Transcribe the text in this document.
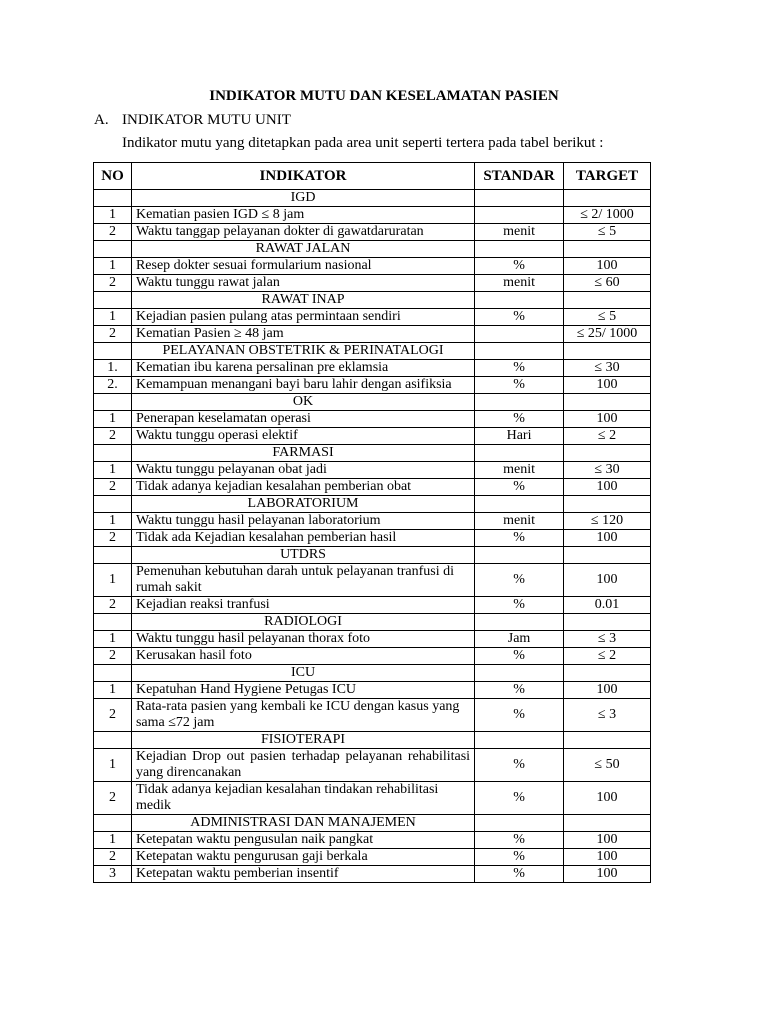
INDIKATOR MUTU DAN KESELAMATAN PASIEN
A. INDIKATOR MUTU UNIT
Indikator mutu yang ditetapkan pada area unit seperti tertera pada tabel berikut :
NO	INDIKATOR	STANDAR	TARGET
	IGD		
1	Kematian pasien IGD ≤ 8 jam		≤ 2/ 1000
2	Waktu tanggap pelayanan dokter di gawatdaruratan	menit	≤ 5
	RAWAT JALAN		
1	Resep dokter sesuai formularium nasional	%	100
2	Waktu tunggu rawat jalan	menit	≤ 60
	RAWAT INAP		
1	Kejadian pasien pulang atas permintaan sendiri	%	≤ 5
2	Kematian Pasien ≥ 48 jam		≤ 25/ 1000
	PELAYANAN OBSTETRIK & PERINATALOGI		
1.	Kematian ibu karena persalinan pre eklamsia	%	≤ 30
2.	Kemampuan menangani bayi baru lahir dengan asifiksia	%	100
	OK		
1	Penerapan keselamatan operasi	%	100
2	Waktu tunggu operasi elektif	Hari	≤ 2
	FARMASI		
1	Waktu tunggu pelayanan obat jadi	menit	≤ 30
2	Tidak adanya kejadian kesalahan pemberian obat	%	100
	LABORATORIUM		
1	Waktu tunggu hasil pelayanan laboratorium	menit	≤ 120
2	Tidak ada Kejadian kesalahan pemberian hasil	%	100
	UTDRS		
1	Pemenuhan kebutuhan darah untuk pelayanan tranfusi di rumah sakit	%	100
2	Kejadian reaksi tranfusi	%	0.01
	RADIOLOGI		
1	Waktu tunggu hasil pelayanan thorax foto	Jam	≤ 3
2	Kerusakan hasil foto	%	≤ 2
	ICU		
1	Kepatuhan Hand Hygiene Petugas ICU	%	100
2	Rata-rata pasien yang kembali ke ICU dengan kasus yang sama ≤72 jam	%	≤ 3
	FISIOTERAPI		
1	Kejadian Drop out pasien terhadap pelayanan rehabilitasi yang direncanakan	%	≤ 50
2	Tidak adanya kejadian kesalahan tindakan rehabilitasi medik	%	100
	ADMINISTRASI DAN MANAJEMEN		
1	Ketepatan waktu pengusulan naik pangkat	%	100
2	Ketepatan waktu pengurusan gaji berkala	%	100
3	Ketepatan waktu pemberian insentif	%	100
